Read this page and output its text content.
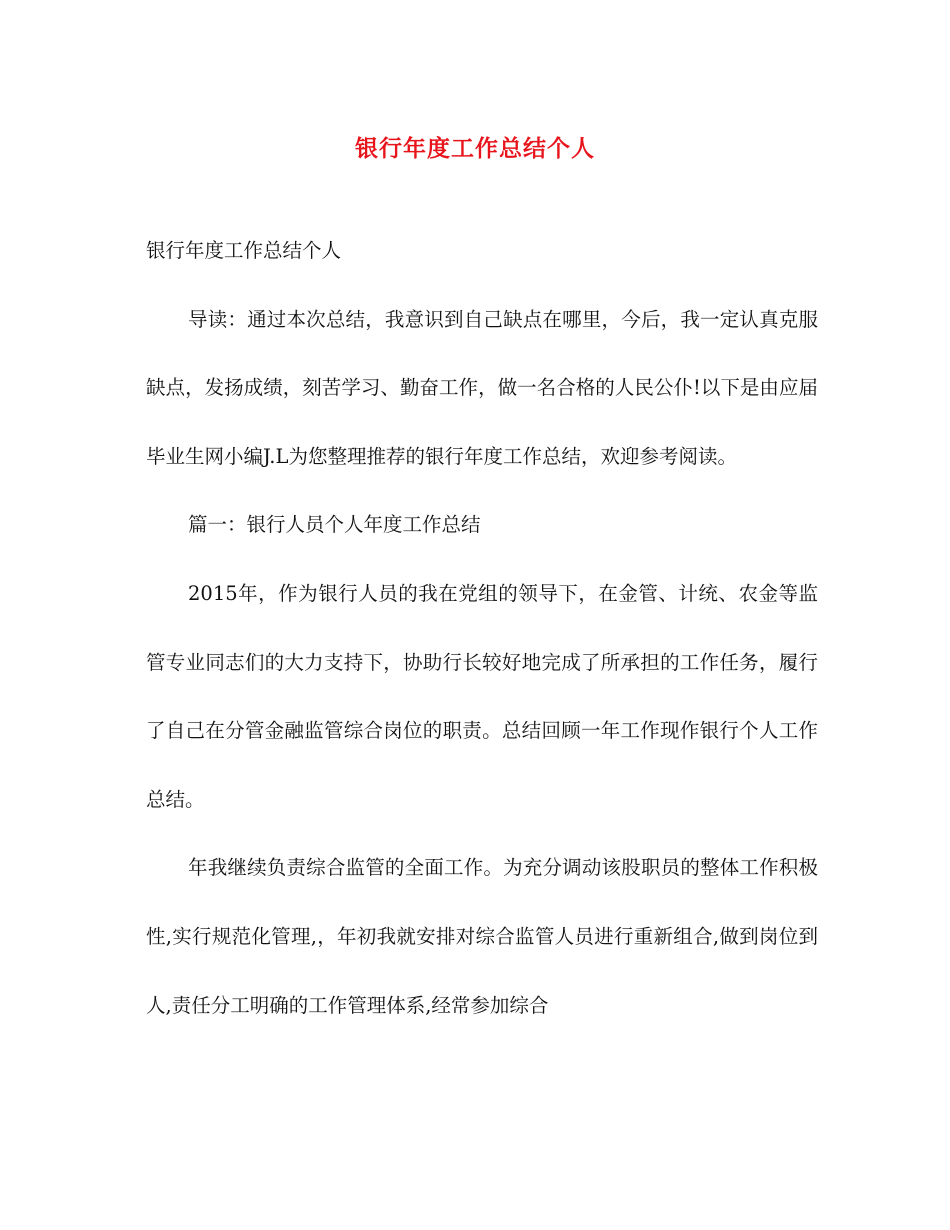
银行年度工作总结个人

银行年度工作总结个人

导读：通过本次总结，我意识到自己缺点在哪里，今后，我一定认真克服缺点，发扬成绩，刻苦学习、勤奋工作，做一名合格的人民公仆!以下是由应届毕业生网小编J.L为您整理推荐的银行年度工作总结，欢迎参考阅读。

篇一：银行人员个人年度工作总结

2015年，作为银行人员的我在党组的领导下，在金管、计统、农金等监管专业同志们的大力支持下，协助行长较好地完成了所承担的工作任务，履行了自己在分管金融监管综合岗位的职责。总结回顾一年工作现作银行个人工作总结。

年我继续负责综合监管的全面工作。为充分调动该股职员的整体工作积极性,实行规范化管理,，年初我就安排对综合监管人员进行重新组合,做到岗位到人,责任分工明确的工作管理体系,经常参加综合
